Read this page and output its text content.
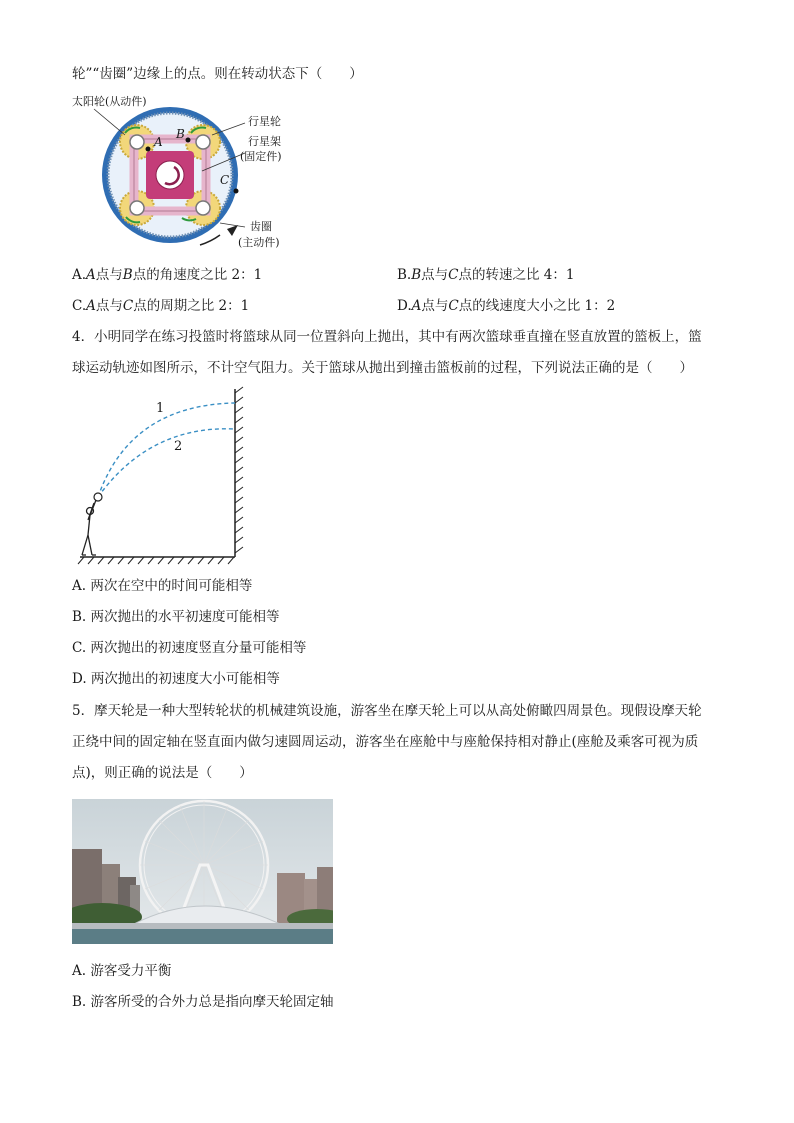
轮”“齿圈”边缘上的点。则在转动状态下（　　）
太阳轮(从动件)
行星轮
行星架
(固定件)
齿圈
(主动件)
A
B
C
A.A点与B点的角速度之比 2：1	B.B点与C点的转速之比 4：1
C.A点与C点的周期之比 2：1	D.A点与C点的线速度大小之比 1：2
4．小明同学在练习投篮时将篮球从同一位置斜向上抛出，其中有两次篮球垂直撞在竖直放置的篮板上，篮
球运动轨迹如图所示，不计空气阻力。关于篮球从抛出到撞击篮板前的过程，下列说法正确的是（　　）
1
2
A. 两次在空中的时间可能相等
B. 两次抛出的水平初速度可能相等
C. 两次抛出的初速度竖直分量可能相等
D. 两次抛出的初速度大小可能相等
5．摩天轮是一种大型转轮状的机械建筑设施，游客坐在摩天轮上可以从高处俯瞰四周景色。现假设摩天轮
正绕中间的固定轴在竖直面内做匀速圆周运动，游客坐在座舱中与座舱保持相对静止(座舱及乘客可视为质
点)，则正确的说法是（　　）
A. 游客受力平衡
B. 游客所受的合外力总是指向摩天轮固定轴
